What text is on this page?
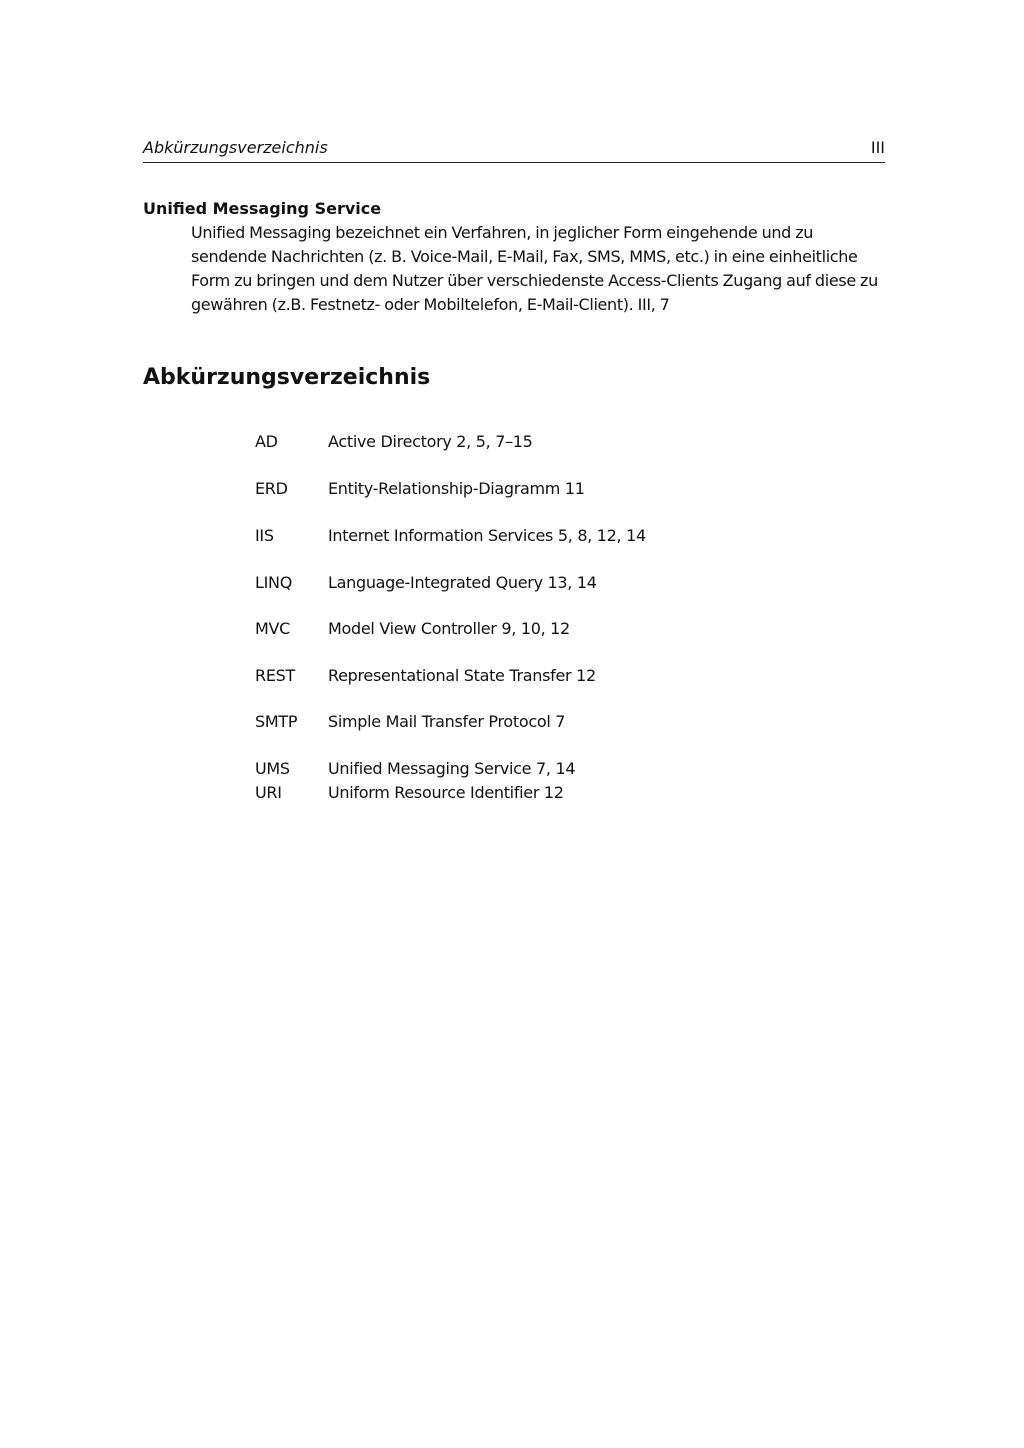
Abkürzungsverzeichnis	III
Unified Messaging Service
Unified Messaging bezeichnet ein Verfahren, in jeglicher Form eingehende und zu sendende Nachrichten (z. B. Voice-Mail, E-Mail, Fax, SMS, MMS, etc.) in eine einheitliche Form zu bringen und dem Nutzer über verschiedenste Access-Clients Zugang auf diese zu gewähren (z.B. Festnetz- oder Mobiltelefon, E-Mail-Client). III, 7
Abkürzungsverzeichnis
AD	Active Directory 2, 5, 7–15
ERD	Entity-Relationship-Diagramm 11
IIS	Internet Information Services 5, 8, 12, 14
LINQ	Language-Integrated Query 13, 14
MVC	Model View Controller 9, 10, 12
REST	Representational State Transfer 12
SMTP	Simple Mail Transfer Protocol 7
UMS	Unified Messaging Service 7, 14
URI	Uniform Resource Identifier 12
